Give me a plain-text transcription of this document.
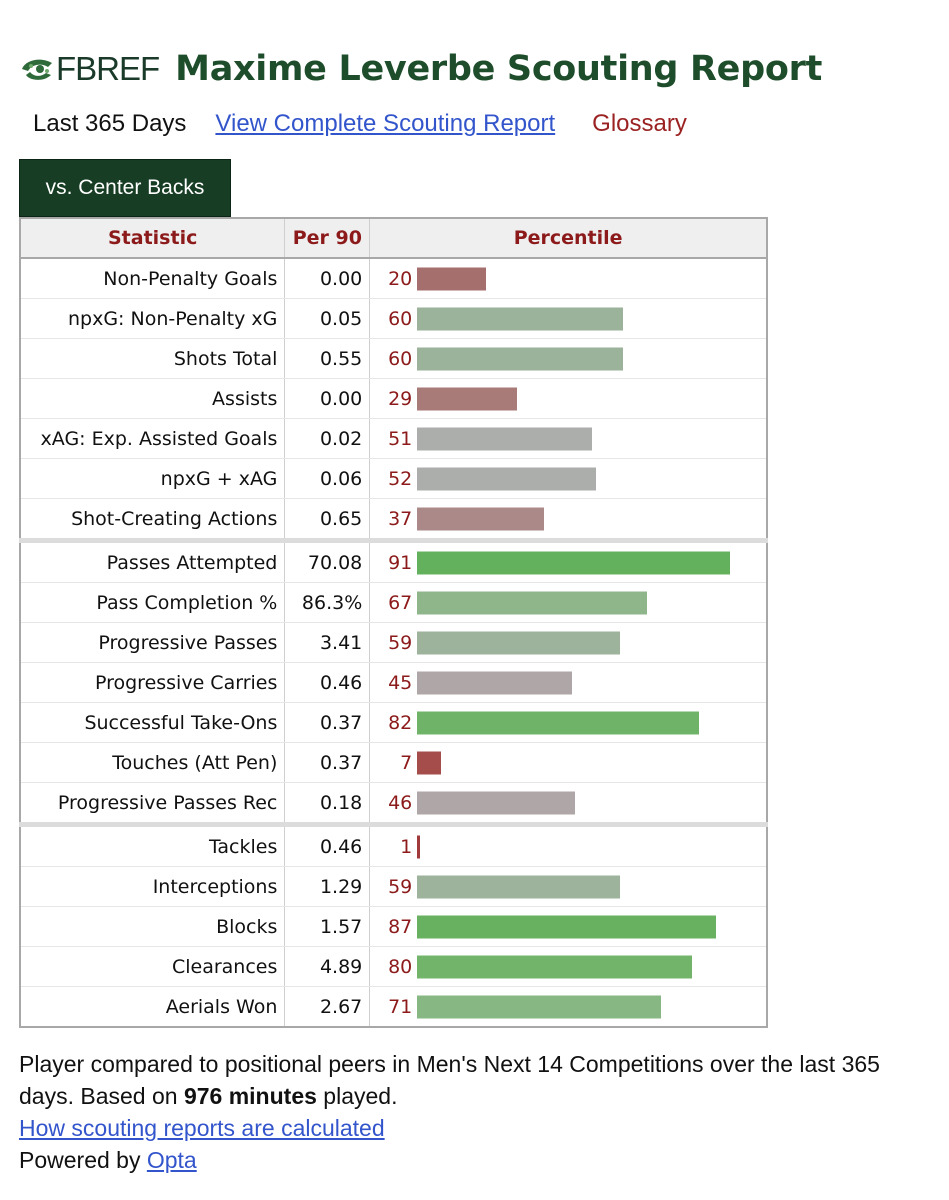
FBREF Maxime Leverbe Scouting Report
Last 365 Days View Complete Scouting Report Glossary
vs. Center Backs
Statistic	Per 90	Percentile
Non-Penalty Goals	0.00	20

npxG: Non-Penalty xG	0.05	60

Shots Total	0.55	60

Assists	0.00	29

xAG: Exp. Assisted Goals	0.02	51

npxG + xAG	0.06	52

Shot-Creating Actions	0.65	37

Passes Attempted	70.08	91

Pass Completion %	86.3%	67

Progressive Passes	3.41	59

Progressive Carries	0.46	45

Successful Take-Ons	0.37	82

Touches (Att Pen)	0.37	7

Progressive Passes Rec	0.18	46

Tackles	0.46	1

Interceptions	1.29	59

Blocks	1.57	87

Clearances	4.89	80

Aerials Won	2.67	71
Player compared to positional peers in Men's Next 14 Competitions over the last 365 days. Based on 976 minutes played.
How scouting reports are calculated
Powered by Opta
